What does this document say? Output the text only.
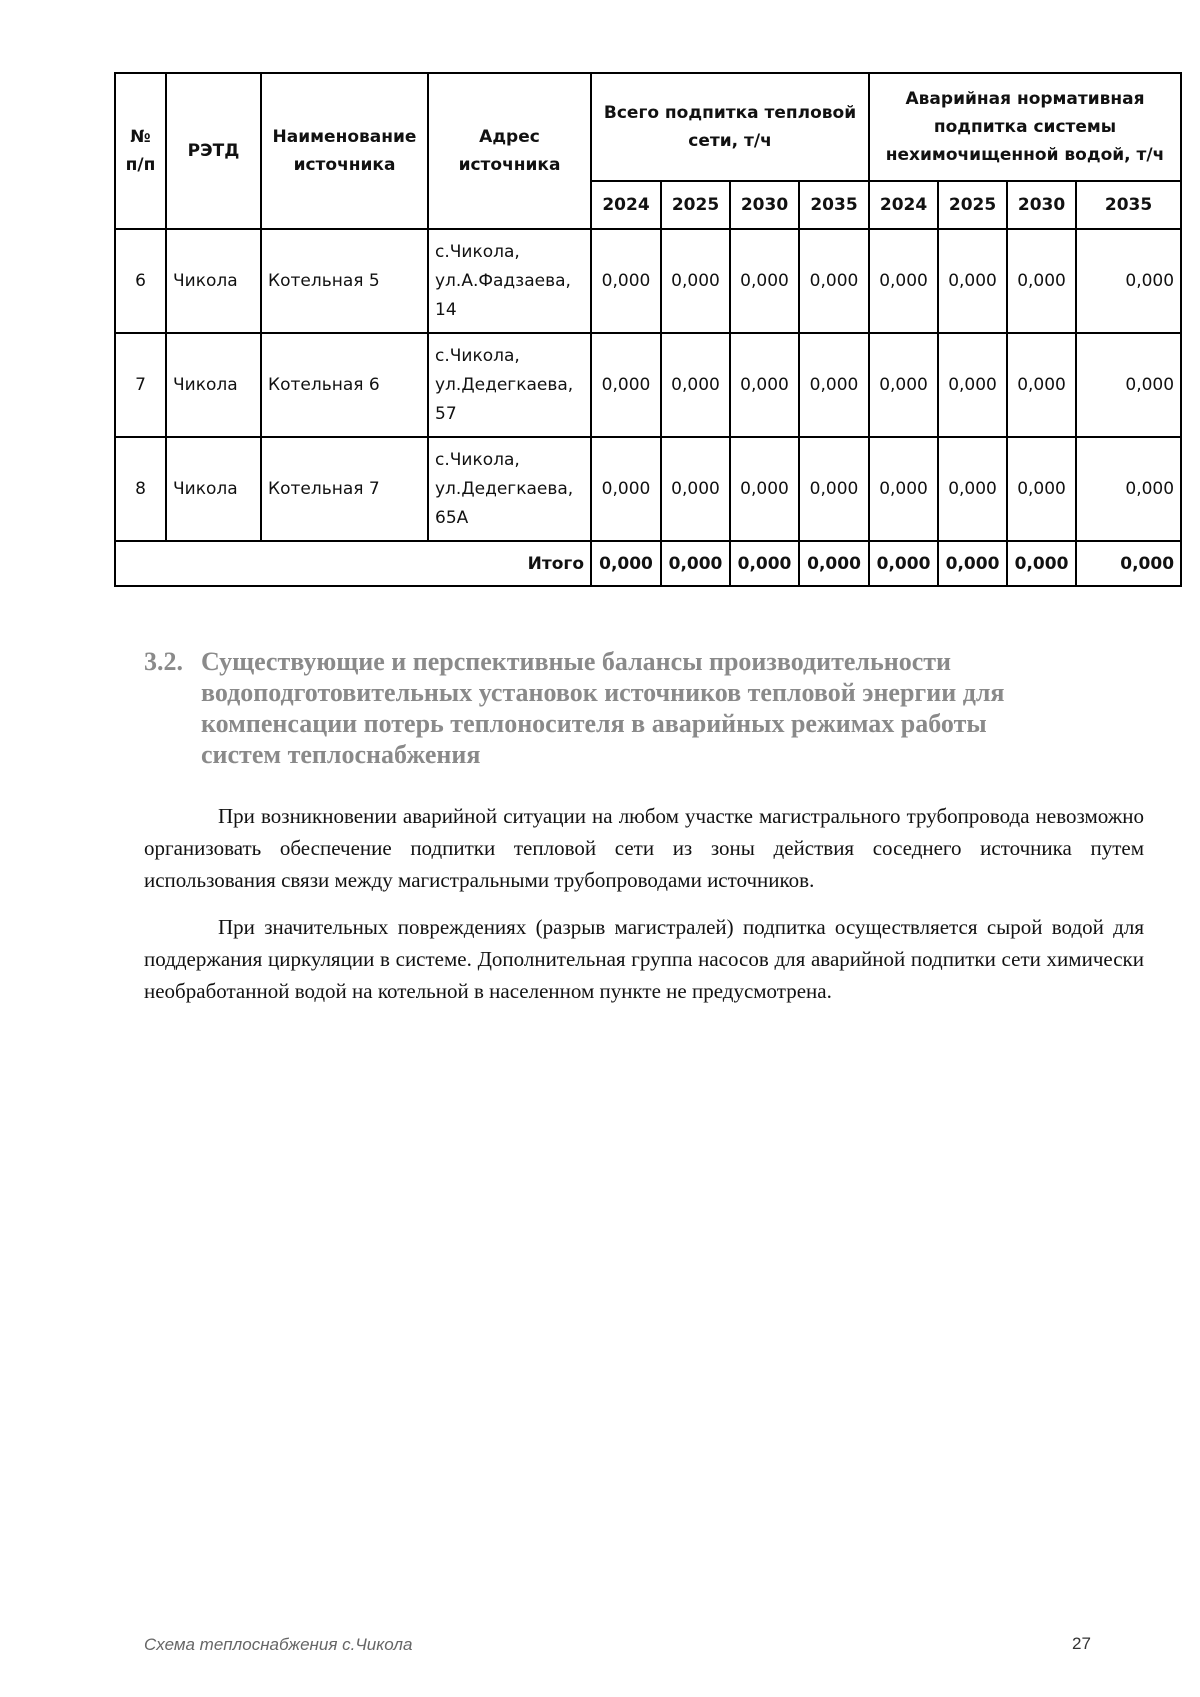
№ п/п	РЭТД	Наименование источника	Адрес источника	Всего подпитка тепловой сети, т/ч				Аварийная нормативная подпитка системы нехимочищенной водой, т/ч			
				2024	2025	2030	2035	2024	2025	2030	2035
6	Чикола	Котельная 5	с.Чикола,
ул.А.Фадзаева,
14	0,000	0,000	0,000	0,000	0,000	0,000	0,000	0,000
7	Чикола	Котельная 6	с.Чикола,
ул.Дедегкаева,
57	0,000	0,000	0,000	0,000	0,000	0,000	0,000	0,000
8	Чикола	Котельная 7	с.Чикола,
ул.Дедегкаева,
65А	0,000	0,000	0,000	0,000	0,000	0,000	0,000	0,000
Итого				0,000	0,000	0,000	0,000	0,000	0,000	0,000	0,000
3.2. Существующие и перспективные балансы производительности
водоподготовительных установок источников тепловой энергии для
компенсации потерь теплоносителя в аварийных режимах работы
систем теплоснабжения

При возникновении аварийной ситуации на любом участке магистрального трубопровода невозможно организовать обеспечение подпитки тепловой сети из зоны действия соседнего источника путем использования связи между магистральными трубопроводами источников.

При значительных повреждениях (разрыв магистралей) подпитка осуществляется сырой водой для поддержания циркуляции в системе. Дополнительная группа насосов для аварийной подпитки сети химически необработанной водой на котельной в населенном пункте не предусмотрена.

Схема теплоснабжения с.Чикола	27
